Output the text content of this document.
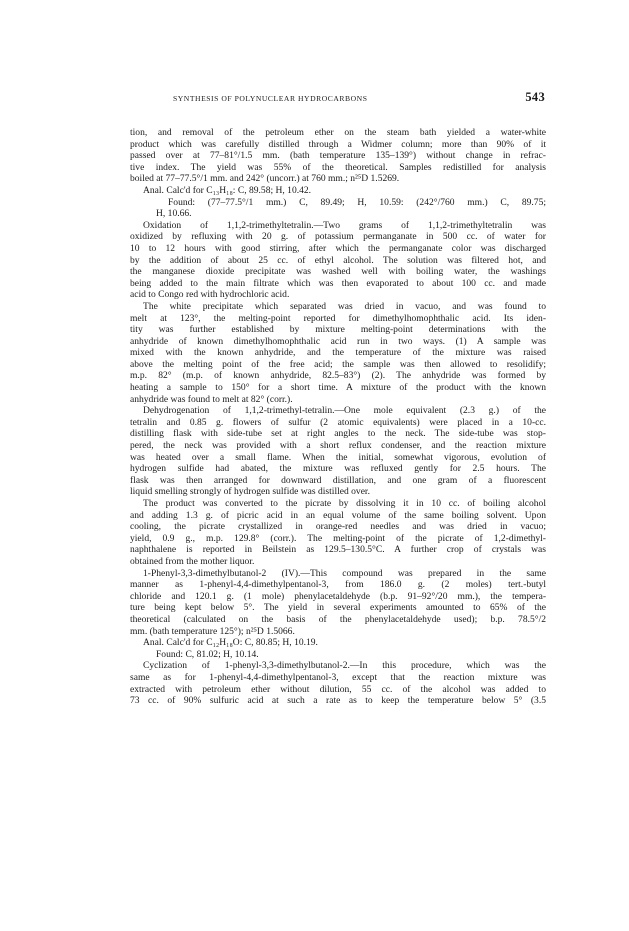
SYNTHESIS OF POLYNUCLEAR HYDROCARBONS	543
tion, and removal of the petroleum ether on the steam bath yielded a water-white
product which was carefully distilled through a Widmer column; more than 90% of it
passed over at 77–81°/1.5 mm. (bath temperature 135–139°) without change in refrac-
tive index. The yield was 55% of the theoretical. Samples redistilled for analysis
boiled at 77–77.5°/1 mm. and 242° (uncorr.) at 760 mm.; n²⁵D 1.5269.
Anal. Calc'd for C₁₃H₁₈: C, 89.58; H, 10.42.
Found: (77–77.5°/1 mm.) C, 89.49; H, 10.59: (242°/760 mm.) C, 89.75;
H, 10.66.
Oxidation of 1,1,2-trimethyltetralin.—Two grams of 1,1,2-trimethyltetralin was
oxidized by refluxing with 20 g. of potassium permanganate in 500 cc. of water for
10 to 12 hours with good stirring, after which the permanganate color was discharged
by the addition of about 25 cc. of ethyl alcohol. The solution was filtered hot, and
the manganese dioxide precipitate was washed well with boiling water, the washings
being added to the main filtrate which was then evaporated to about 100 cc. and made
acid to Congo red with hydrochloric acid.
The white precipitate which separated was dried in vacuo, and was found to
melt at 123°, the melting-point reported for dimethylhomophthalic acid. Its iden-
tity was further established by mixture melting-point determinations with the
anhydride of known dimethylhomophthalic acid run in two ways. (1) A sample was
mixed with the known anhydride, and the temperature of the mixture was raised
above the melting point of the free acid; the sample was then allowed to resolidify;
m.p. 82° (m.p. of known anhydride, 82.5–83°) (2). The anhydride was formed by
heating a sample to 150° for a short time. A mixture of the product with the known
anhydride was found to melt at 82° (corr.).
Dehydrogenation of 1,1,2-trimethyl-tetralin.—One mole equivalent (2.3 g.) of the
tetralin and 0.85 g. flowers of sulfur (2 atomic equivalents) were placed in a 10-cc.
distilling flask with side-tube set at right angles to the neck. The side-tube was stop-
pered, the neck was provided with a short reflux condenser, and the reaction mixture
was heated over a small flame. When the initial, somewhat vigorous, evolution of
hydrogen sulfide had abated, the mixture was refluxed gently for 2.5 hours. The
flask was then arranged for downward distillation, and one gram of a fluorescent
liquid smelling strongly of hydrogen sulfide was distilled over.
The product was converted to the picrate by dissolving it in 10 cc. of boiling alcohol
and adding 1.3 g. of picric acid in an equal volume of the same boiling solvent. Upon
cooling, the picrate crystallized in orange-red needles and was dried in vacuo;
yield, 0.9 g., m.p. 129.8° (corr.). The melting-point of the picrate of 1,2-dimethyl-
naphthalene is reported in Beilstein as 129.5–130.5°C. A further crop of crystals was
obtained from the mother liquor.
1-Phenyl-3,3-dimethylbutanol-2 (IV).—This compound was prepared in the same
manner as 1-phenyl-4,4-dimethylpentanol-3, from 186.0 g. (2 moles) tert.-butyl
chloride and 120.1 g. (1 mole) phenylacetaldehyde (b.p. 91–92°/20 mm.), the tempera-
ture being kept below 5°. The yield in several experiments amounted to 65% of the
theoretical (calculated on the basis of the phenylacetaldehyde used); b.p. 78.5°/2
mm. (bath temperature 125°); n²⁵D 1.5066.
Anal. Calc'd for C₁₂H₁₈O: C, 80.85; H, 10.19.
Found: C, 81.02; H, 10.14.
Cyclization of 1-phenyl-3,3-dimethylbutanol-2.—In this procedure, which was the
same as for 1-phenyl-4,4-dimethylpentanol-3, except that the reaction mixture was
extracted with petroleum ether without dilution, 55 cc. of the alcohol was added to
73 cc. of 90% sulfuric acid at such a rate as to keep the temperature below 5° (3.5
